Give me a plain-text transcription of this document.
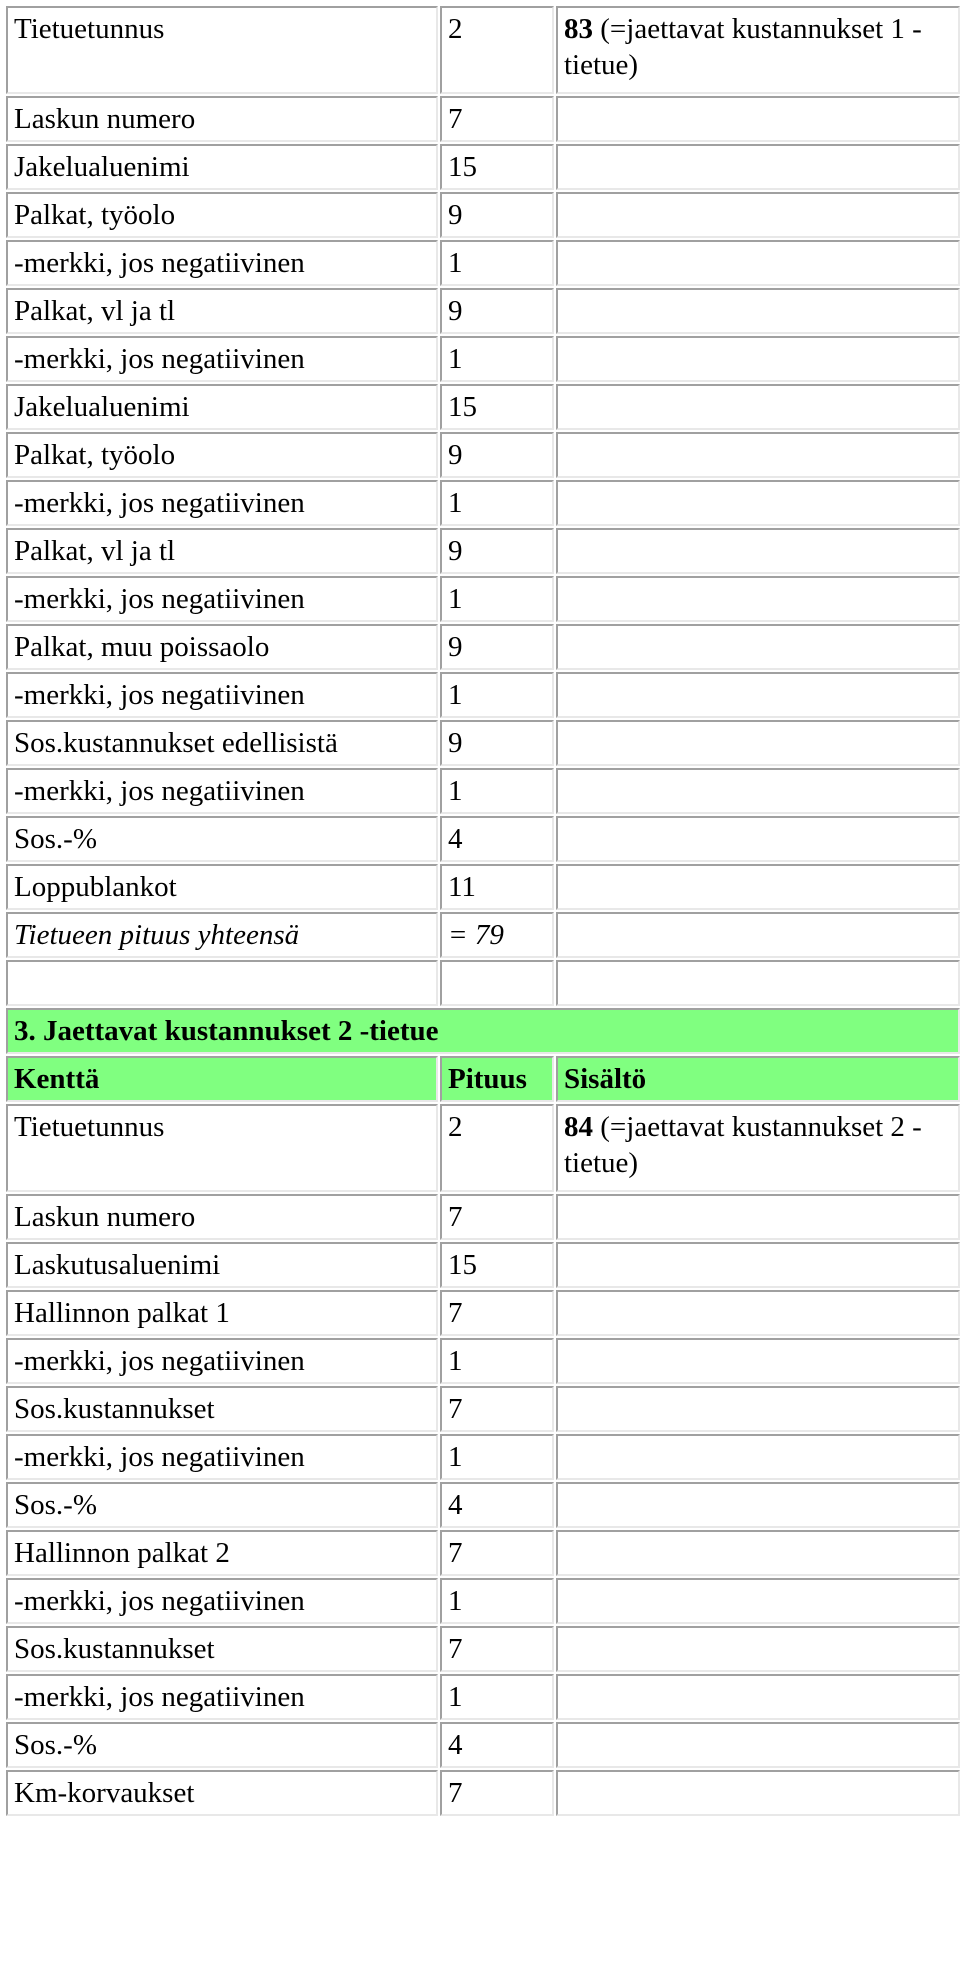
Tietuetunnus	2	83 (=jaettavat kustannukset 1 -tietue)
Laskun numero	7	
Jakelualuenimi	15	
Palkat, työolo	9	
-merkki, jos negatiivinen	1	
Palkat, vl ja tl	9	
-merkki, jos negatiivinen	1	
Jakelualuenimi	15	
Palkat, työolo	9	
-merkki, jos negatiivinen	1	
Palkat, vl ja tl	9	
-merkki, jos negatiivinen	1	
Palkat, muu poissaolo	9	
-merkki, jos negatiivinen	1	
Sos.kustannukset edellisistä	9	
-merkki, jos negatiivinen	1	
Sos.-%	4	
Loppublankot	11	
Tietueen pituus yhteensä	= 79	

3. Jaettavat kustannukset 2 -tietue		
Kenttä	Pituus	Sisältö
Tietuetunnus	2	84 (=jaettavat kustannukset 2 -tietue)
Laskun numero	7	
Laskutusaluenimi	15	
Hallinnon palkat 1	7	
-merkki, jos negatiivinen	1	
Sos.kustannukset	7	
-merkki, jos negatiivinen	1	
Sos.-%	4	
Hallinnon palkat 2	7	
-merkki, jos negatiivinen	1	
Sos.kustannukset	7	
-merkki, jos negatiivinen	1	
Sos.-%	4	
Km-korvaukset	7	
